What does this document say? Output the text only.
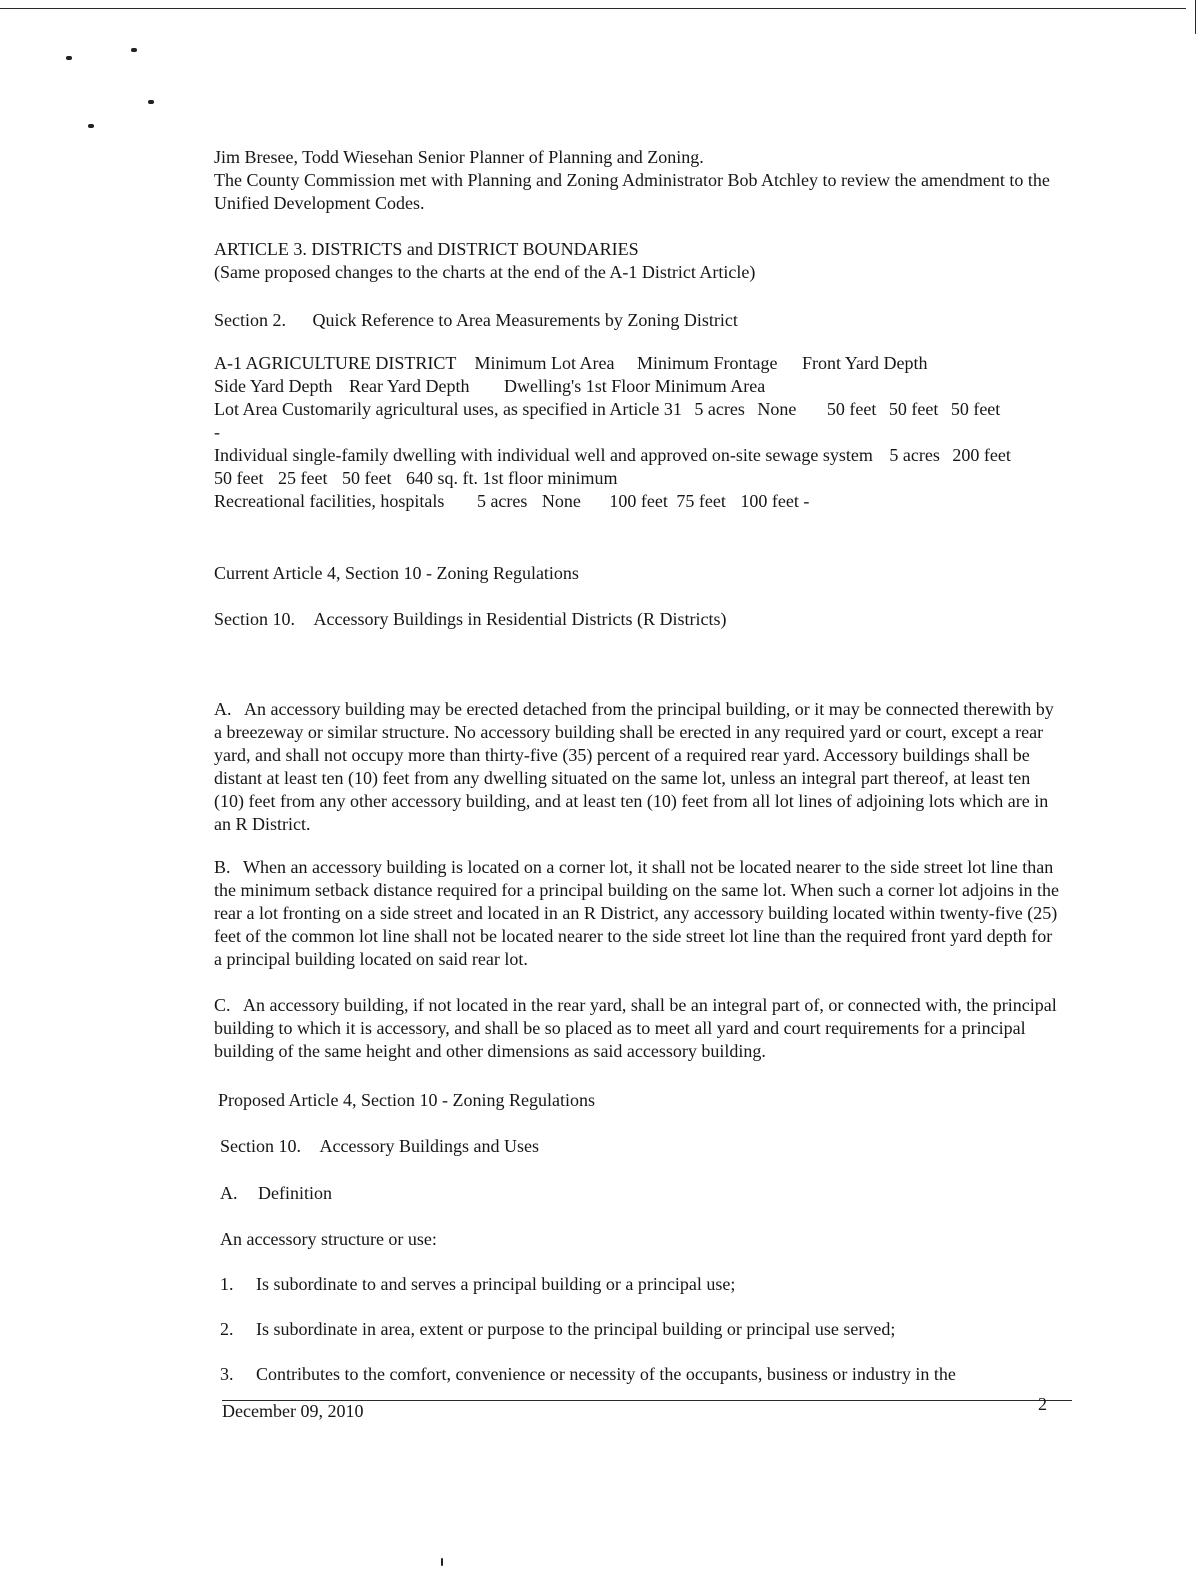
Jim Bresee, Todd Wiesehan Senior Planner of Planning and Zoning.

The County Commission met with Planning and Zoning Administrator Bob Atchley to review the amendment to the Unified Development Codes.

ARTICLE 3. DISTRICTS and DISTRICT BOUNDARIES

(Same proposed changes to the charts at the end of the A-1 District Article)

Section 2. Quick Reference to Area Measurements by Zoning District

A-1 AGRICULTURE DISTRICT Minimum Lot Area Minimum Frontage Front Yard Depth

Side Yard Depth Rear Yard Depth Dwelling's 1st Floor Minimum Area

Lot Area Customarily agricultural uses, as specified in Article 31 5 acres None 50 feet 50 feet 50 feet

-

Individual single-family dwelling with individual well and approved on-site sewage system 5 acres 200 feet

50 feet 25 feet 50 feet 640 sq. ft. 1st floor minimum

Recreational facilities, hospitals 5 acres None 100 feet 75 feet 100 feet -

Current Article 4, Section 10 - Zoning Regulations

Section 10. Accessory Buildings in Residential Districts (R Districts)

A. An accessory building may be erected detached from the principal building, or it may be connected therewith by a breezeway or similar structure. No accessory building shall be erected in any required yard or court, except a rear yard, and shall not occupy more than thirty-five (35) percent of a required rear yard. Accessory buildings shall be distant at least ten (10) feet from any dwelling situated on the same lot, unless an integral part thereof, at least ten (10) feet from any other accessory building, and at least ten (10) feet from all lot lines of adjoining lots which are in an R District.

B. When an accessory building is located on a corner lot, it shall not be located nearer to the side street lot line than the minimum setback distance required for a principal building on the same lot. When such a corner lot adjoins in the rear a lot fronting on a side street and located in an R District, any accessory building located within twenty-five (25) feet of the common lot line shall not be located nearer to the side street lot line than the required front yard depth for a principal building located on said rear lot.

C. An accessory building, if not located in the rear yard, shall be an integral part of, or connected with, the principal building to which it is accessory, and shall be so placed as to meet all yard and court requirements for a principal building of the same height and other dimensions as said accessory building.

Proposed Article 4, Section 10 - Zoning Regulations

Section 10. Accessory Buildings and Uses
A. Definition

An accessory structure or use:

1. Is subordinate to and serves a principal building or a principal use;
2. Is subordinate in area, extent or purpose to the principal building or principal use served;
3. Contributes to the comfort, convenience or necessity of the occupants, business or industry in the
December 09, 2010	2
